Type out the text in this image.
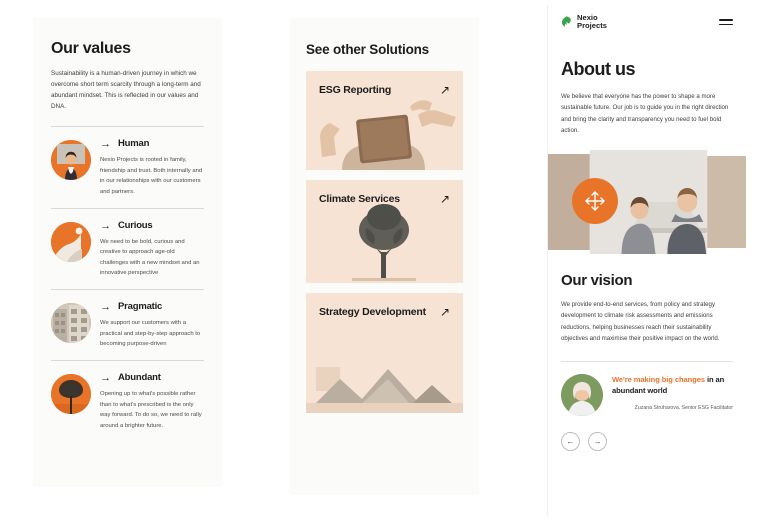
Our values

Sustainability is a human-driven journey in which we overcome short term scarcity through a long-term and abundant mindset. This is reflected in our values and DNA.

→ Human

Nexio Projects is rooted in family, friendship and trust. Both internally and in our relationships with our customers and partners.

→ Curious

We need to be bold, curious and creative to approach age-old challenges with a new mindset and an innovative perspective

→ Pragmatic

We support our customers with a practical and step-by-step approach to becoming purpose-driven

→ Abundant

Opening up to what's possible rather than to what's prescribed is the only way forward. To do so, we need to rally around a brighter future.

See other Solutions
ESG Reporting	↗
Climate Services	↗
Strategy Development ↗
Nexio
Projects
About us

We believe that everyone has the power to shape a more sustainable future. Our job is to guide you in the right direction and bring the clarity and transparency you need to fuel bold action.

Our vision

We provide end-to-end services, from policy and strategy development to climate risk assessments and emissions reductions, helping businesses reach their sustainability objectives and maximise their positive impact on the world.

We're making big changes in an abundant world
Zuzana Struharova, Senior ESG Facilitator
←	→
